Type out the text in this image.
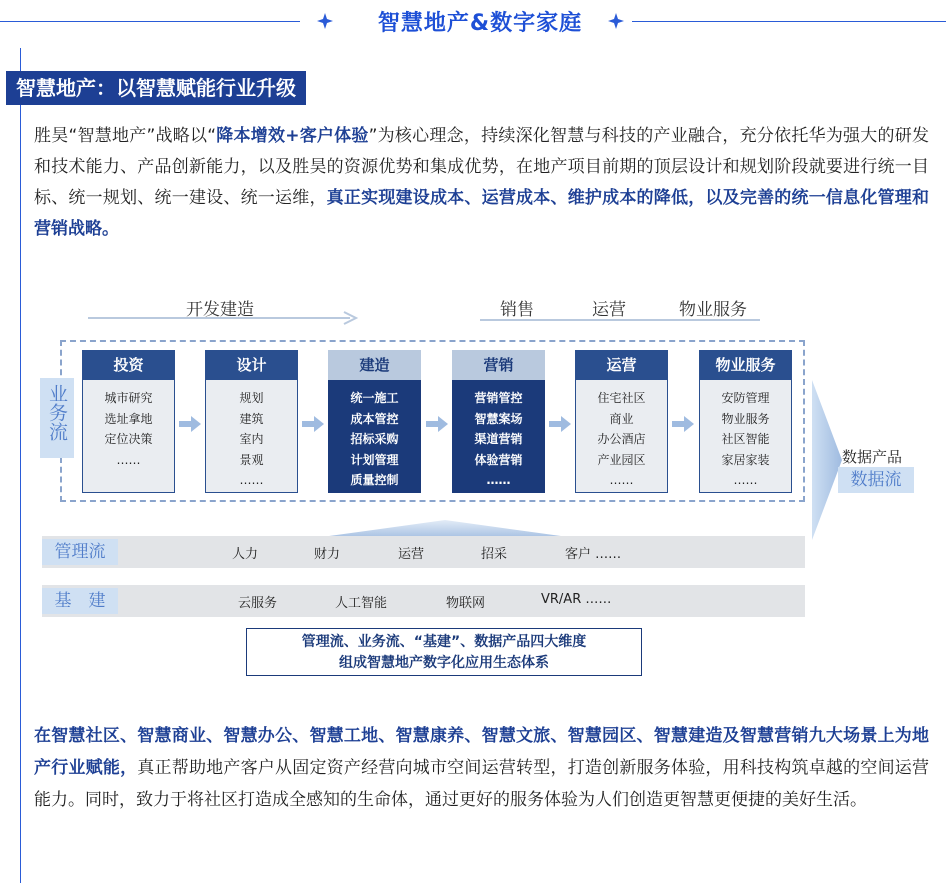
智慧地产&数字家庭
智慧地产：以智慧赋能行业升级
胜昊“智慧地产”战略以“降本增效+客户体验”为核心理念，持续深化智慧与科技的产业融合，充分依托华为强大的研发和技术能力、产品创新能力，以及胜昊的资源优势和集成优势，在地产项目前期的顶层设计和规划阶段就要进行统一目标、统一规划、统一建设、统一运维，真正实现建设成本、运营成本、维护成本的降低，以及完善的统一信息化管理和营销战略。
开发建造	销售	运营	物业服务
业务流
投资
城市研究
选址拿地
定位决策
……
设计
规划
建筑
室内
景观
……
建造
统一施工
成本管控
招标采购
计划管理
质量控制
营销
营销管控
智慧案场
渠道营销
体验营销
……
运营
住宅社区
商业
办公酒店
产业园区
……
物业服务
安防管理
物业服务
社区智能
家居家装
……
数据产品
数据流
管理流	人力	财力	运营	招采	客户 ……
基　建	云服务	人工智能	物联网	VR/AR ……
管理流、业务流、“基建”、数据产品四大维度
组成智慧地产数字化应用生态体系
在智慧社区、智慧商业、智慧办公、智慧工地、智慧康养、智慧文旅、智慧园区、智慧建造及智慧营销九大场景上为地产行业赋能，真正帮助地产客户从固定资产经营向城市空间运营转型，打造创新服务体验，用科技构筑卓越的空间运营能力。同时，致力于将社区打造成全感知的生命体，通过更好的服务体验为人们创造更智慧更便捷的美好生活。
